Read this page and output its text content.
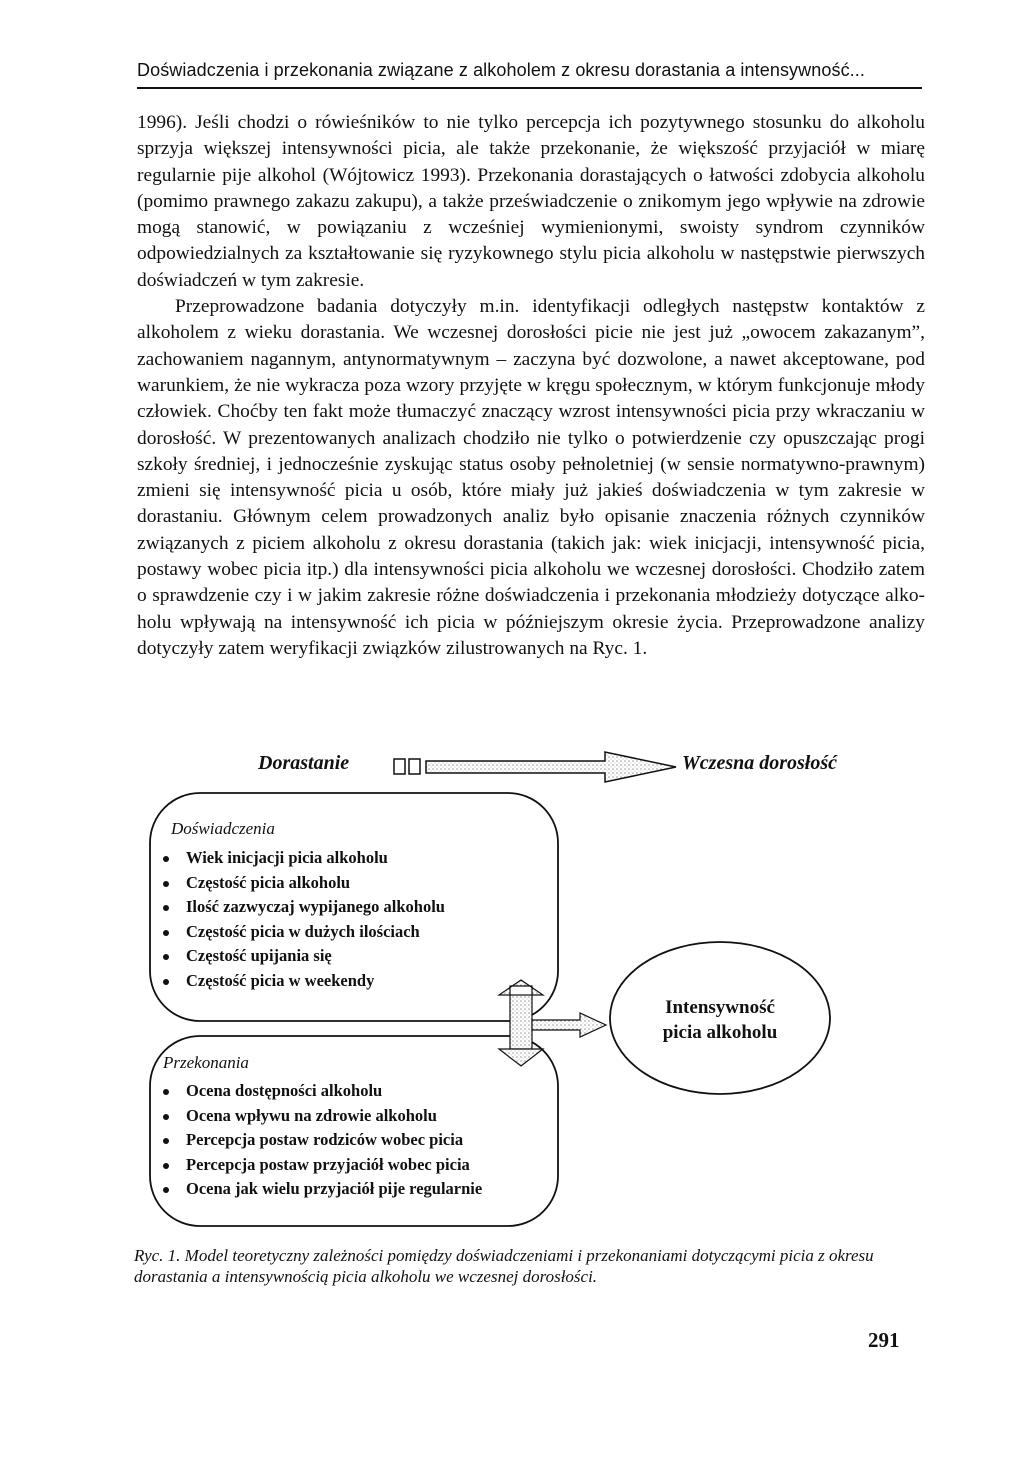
Doświadczenia i przekonania związane z alkoholem z okresu dorastania a intensywność...

1996). Jeśli chodzi o rówieśników to nie tylko percepcja ich pozytywnego stosunku do alkoholu sprzyja większej intensywności picia, ale także przekonanie, że większość przyjaciół w miarę regularnie pije alkohol (Wójtowicz 1993). Przekonania dorastających o łatwości zdobycia alkoholu (pomimo prawnego zakazu zakupu), a także przeświadczenie o znikomym jego wpływie na zdrowie mogą stanowić, w powiązaniu z wcześniej wymienionymi, swoisty syndrom czynników odpowiedzialnych za kształtowanie się ryzykownego stylu picia alkoholu w następstwie pierwszych doświadczeń w tym zakresie.

Przeprowadzone badania dotyczyły m.in. identyfikacji odległych następstw kontaktów z alkoholem z wieku dorastania. We wczesnej dorosłości picie nie jest już „owocem zakazanym”, zachowaniem nagannym, antynormatywnym – zaczyna być dozwolone, a nawet akceptowane, pod warunkiem, że nie wykracza poza wzory przyjęte w kręgu społecznym, w którym funkcjonuje młody człowiek. Choćby ten fakt może tłumaczyć znaczący wzrost intensywności picia przy wkraczaniu w dorosłość. W prezentowanych analizach chodziło nie tylko o potwierdzenie czy opuszczając progi szkoły średniej, i jednocześnie zyskując status osoby pełnoletniej (w sensie normatywno-prawnym) zmieni się intensywność picia u osób, które miały już jakieś doświadczenia w tym zakresie w dorastaniu. Głównym celem prowadzonych analiz było opisanie znaczenia różnych czynników związanych z piciem alkoholu z okresu dorastania (takich jak: wiek inicjacji, intensywność picia, postawy wobec picia itp.) dla intensywności picia alkoholu we wczesnej dorosłości. Chodziło zatem o sprawdzenie czy i w jakim zakresie różne doświadczenia i przekonania młodzieży dotyczące alkoholu wpływają na intensywność ich picia w późniejszym okresie życia. Przeprowadzone analizy dotyczyły zatem weryfikacji związków zilustrowanych na Ryc. 1.

Dorastanie	Wczesna dorosłość
Doświadczenia
Wiek inicjacji picia alkoholu
Częstość picia alkoholu
Ilość zazwyczaj wypijanego alkoholu
Częstość picia w dużych ilościach
Częstość upijania się
Częstość picia w weekendy
Przekonania
Ocena dostępności alkoholu
Ocena wpływu na zdrowie alkoholu
Percepcja postaw rodziców wobec picia
Percepcja postaw przyjaciół wobec picia
Ocena jak wielu przyjaciół pije regularnie
Intensywność
picia alkoholu
Ryc. 1. Model teoretyczny zależności pomiędzy doświadczeniami i przekonaniami dotyczącymi picia z okresu dorastania a intensywnością picia alkoholu we wczesnej dorosłości.
291
